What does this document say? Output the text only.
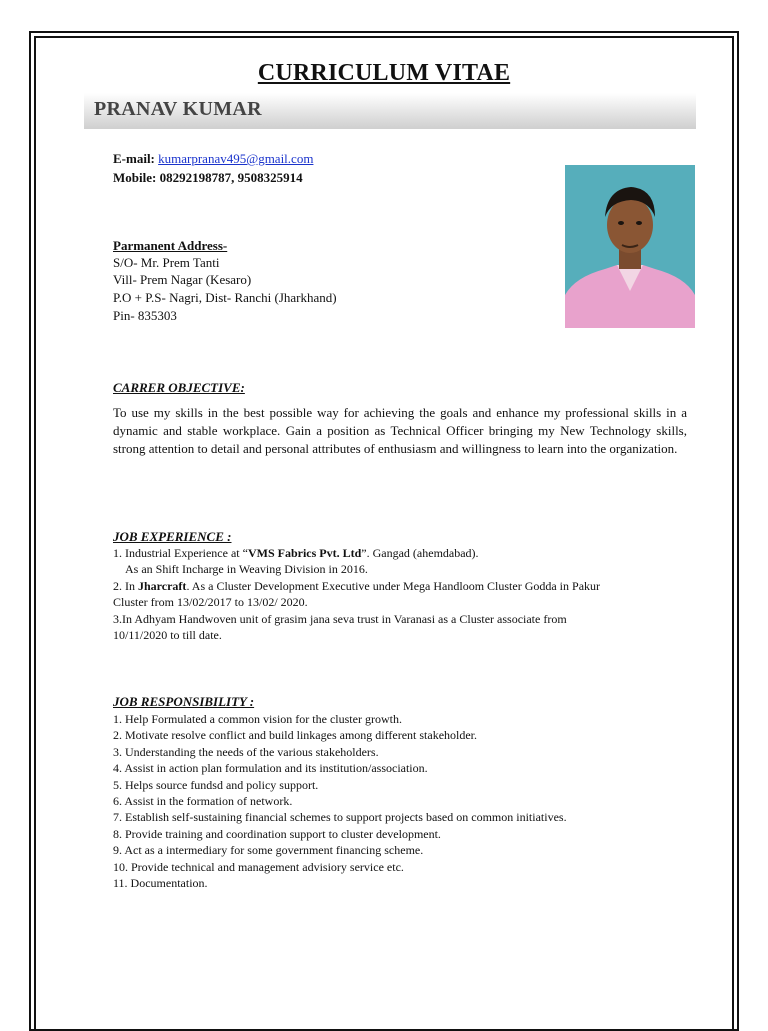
CURRICULUM VITAE
PRANAV KUMAR
E-mail: kumarpranav495@gmail.com
Mobile: 08292198787, 9508325914
Parmanent Address-
S/O- Mr. Prem Tanti
Vill- Prem Nagar (Kesaro)
P.O + P.S- Nagri, Dist- Ranchi (Jharkhand)
Pin- 835303
CARRER OBJECTIVE:
To use my skills in the best possible way for achieving the goals and enhance my professional skills in a dynamic and stable workplace. Gain a position as Technical Officer bringing my New Technology skills, strong attention to detail and personal attributes of enthusiasm and willingness to learn into the organization.
JOB EXPERIENCE :
1. Industrial Experience at “VMS Fabrics Pvt. Ltd”. Gangad (ahemdabad).
As an Shift Incharge in Weaving Division in 2016.
2. In Jharcraft. As a Cluster Development Executive under Mega Handloom Cluster Godda in Pakur
Cluster from 13/02/2017 to 13/02/ 2020.
3.In Adhyam Handwoven unit of grasim jana seva trust in Varanasi as a Cluster associate from
10/11/2020 to till date.
JOB RESPONSIBILITY :
1. Help Formulated a common vision for the cluster growth.
2. Motivate resolve conflict and build linkages among different stakeholder.
3. Understanding the needs of the various stakeholders.
4. Assist in action plan formulation and its institution/association.
5. Helps source fundsd and policy support.
6. Assist in the formation of network.
7. Establish self-sustaining financial schemes to support projects based on common initiatives.
8. Provide training and coordination support to cluster development.
9. Act as a intermediary for some government financing scheme.
10. Provide technical and management advisiory service etc.
11. Documentation.
